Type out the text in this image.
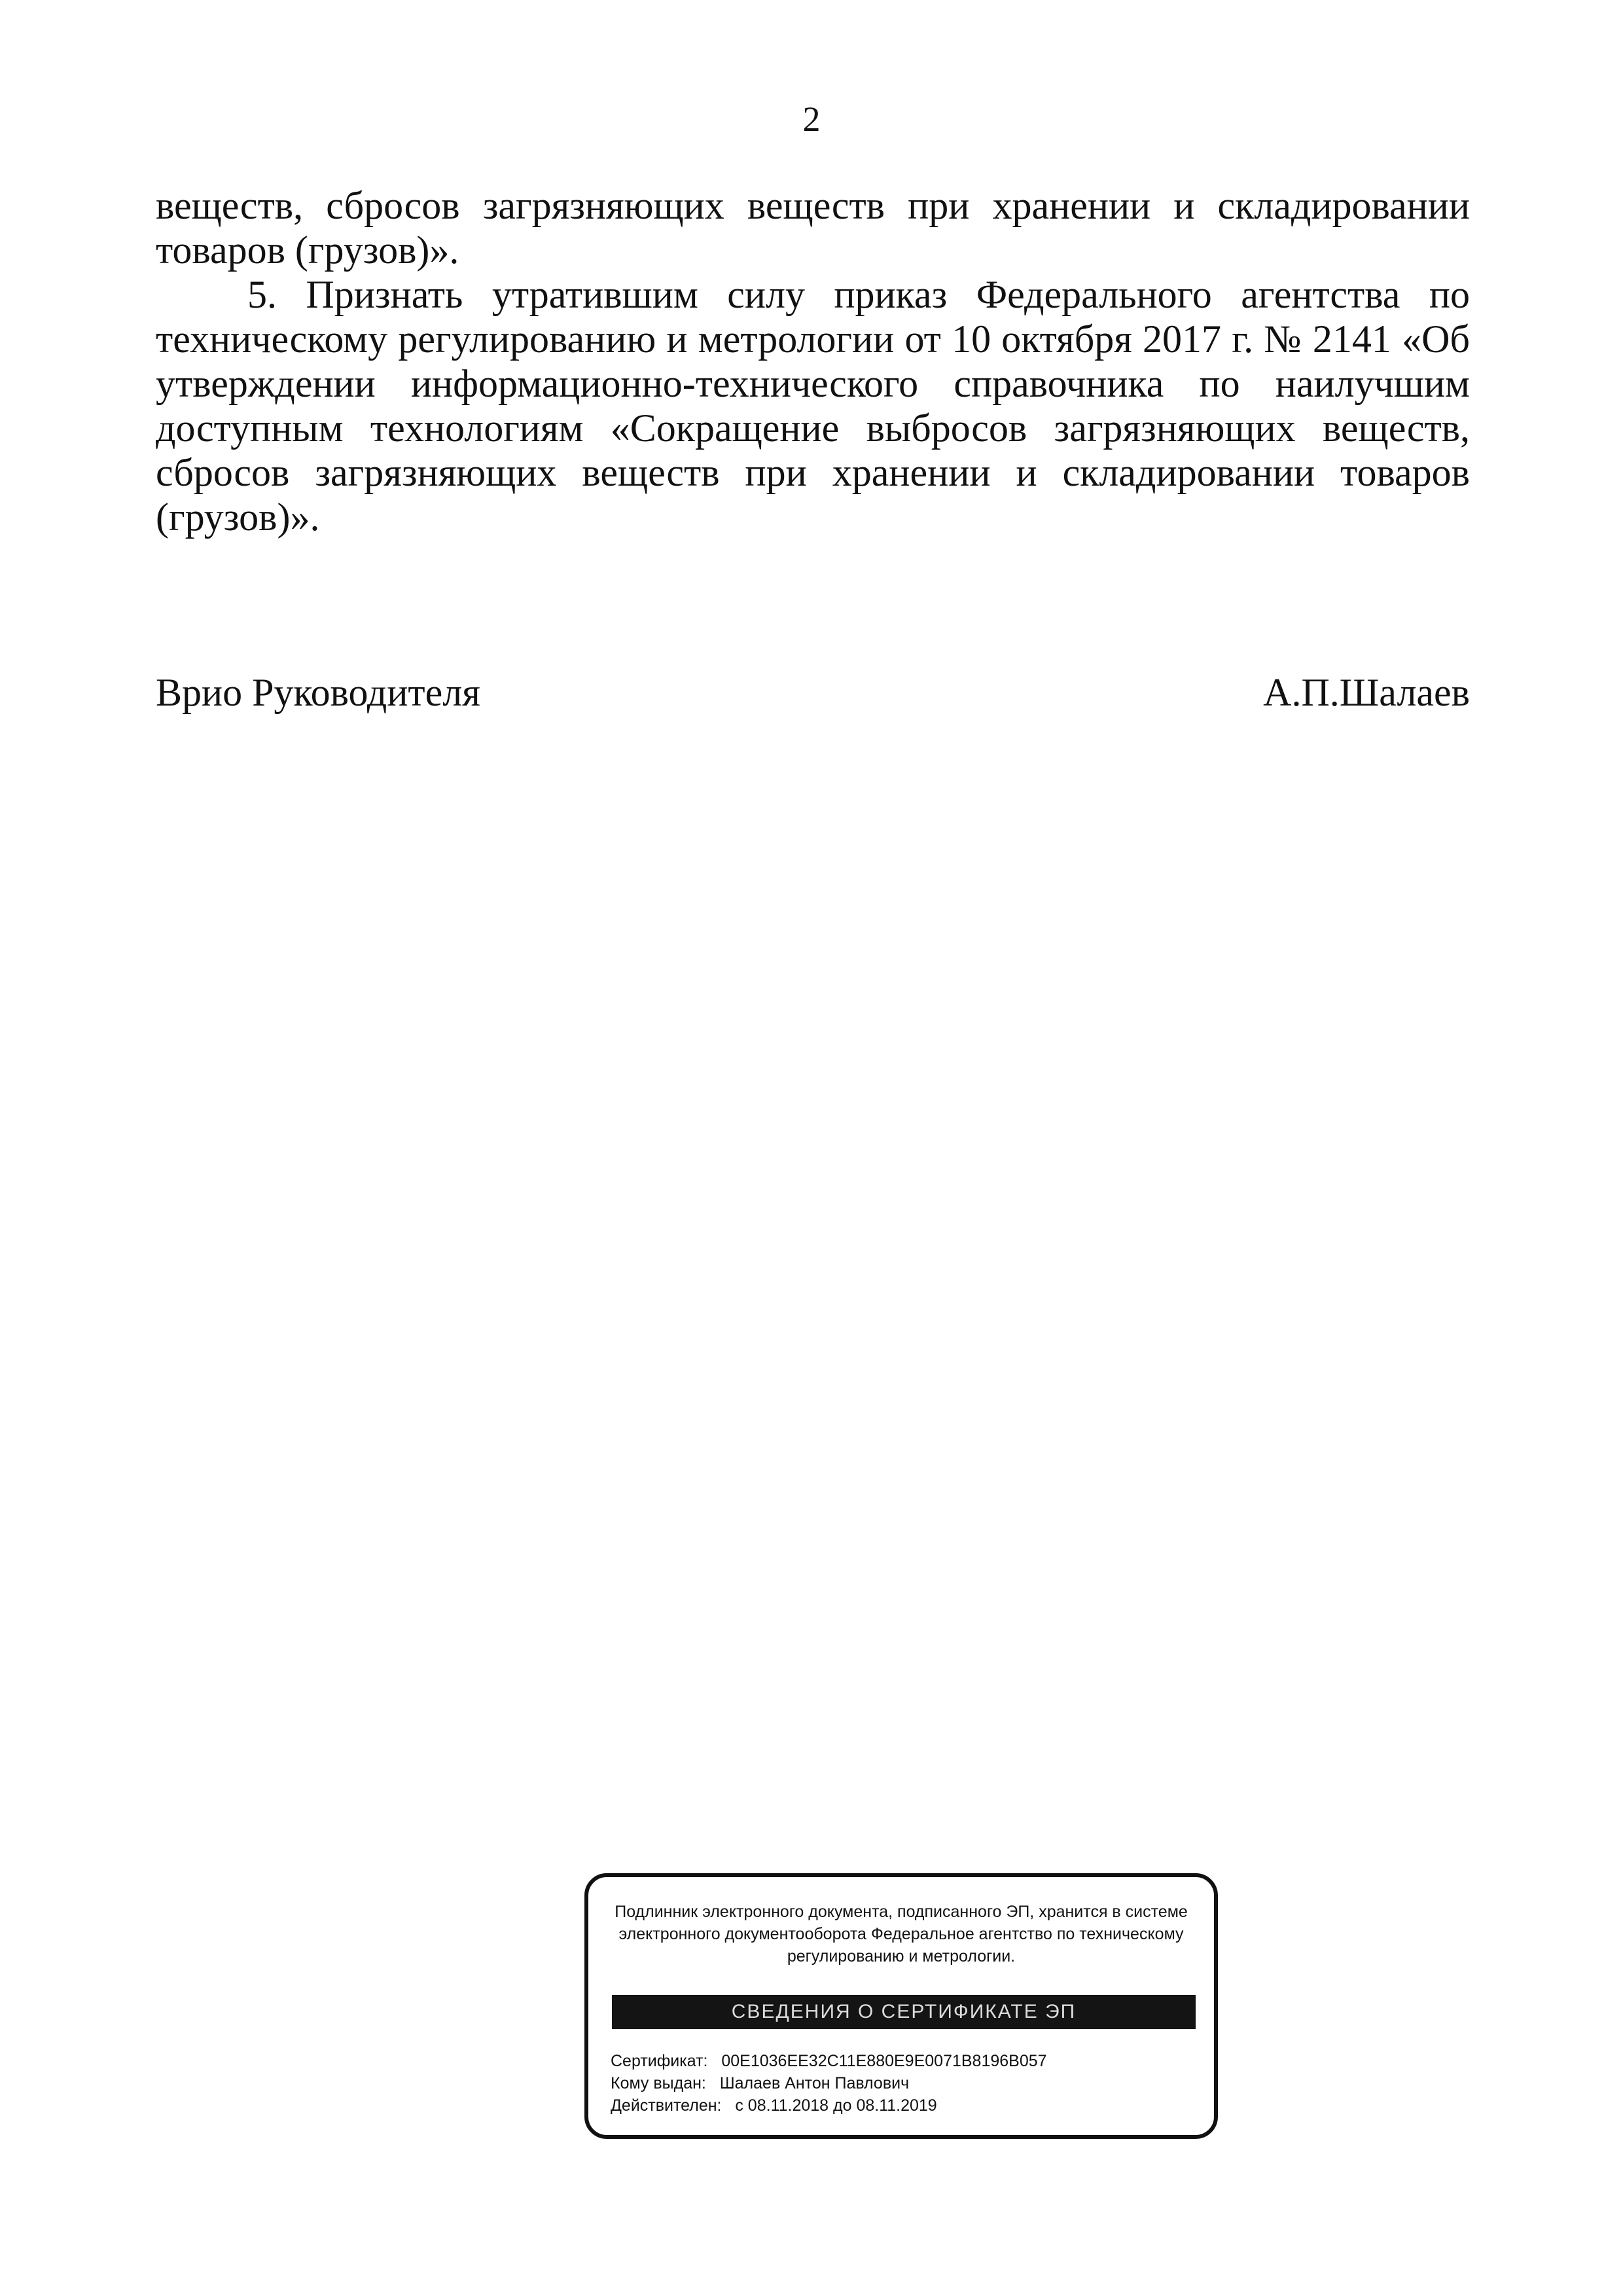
2

веществ, сбросов загрязняющих веществ при хранении и складировании товаров (грузов)».

5. Признать утратившим силу приказ Федерального агентства по техническому регулированию и метрологии от 10 октября 2017 г. № 2141 «Об утверждении информационно-технического справочника по наилучшим доступным технологиям «Сокращение выбросов загрязняющих веществ, сбросов загрязняющих веществ при хранении и складировании товаров (грузов)».

Врио Руководителя	А.П.Шалаев
Подлинник электронного документа, подписанного ЭП, хранится в системе электронного документооборота Федеральное агентство по техническому регулированию и метрологии.
СВЕДЕНИЯ О СЕРТИФИКАТЕ ЭП
Сертификат: 00E1036EE32C11E880E9E0071B8196B057
Кому выдан: Шалаев Антон Павлович
Действителен: с 08.11.2018 до 08.11.2019
